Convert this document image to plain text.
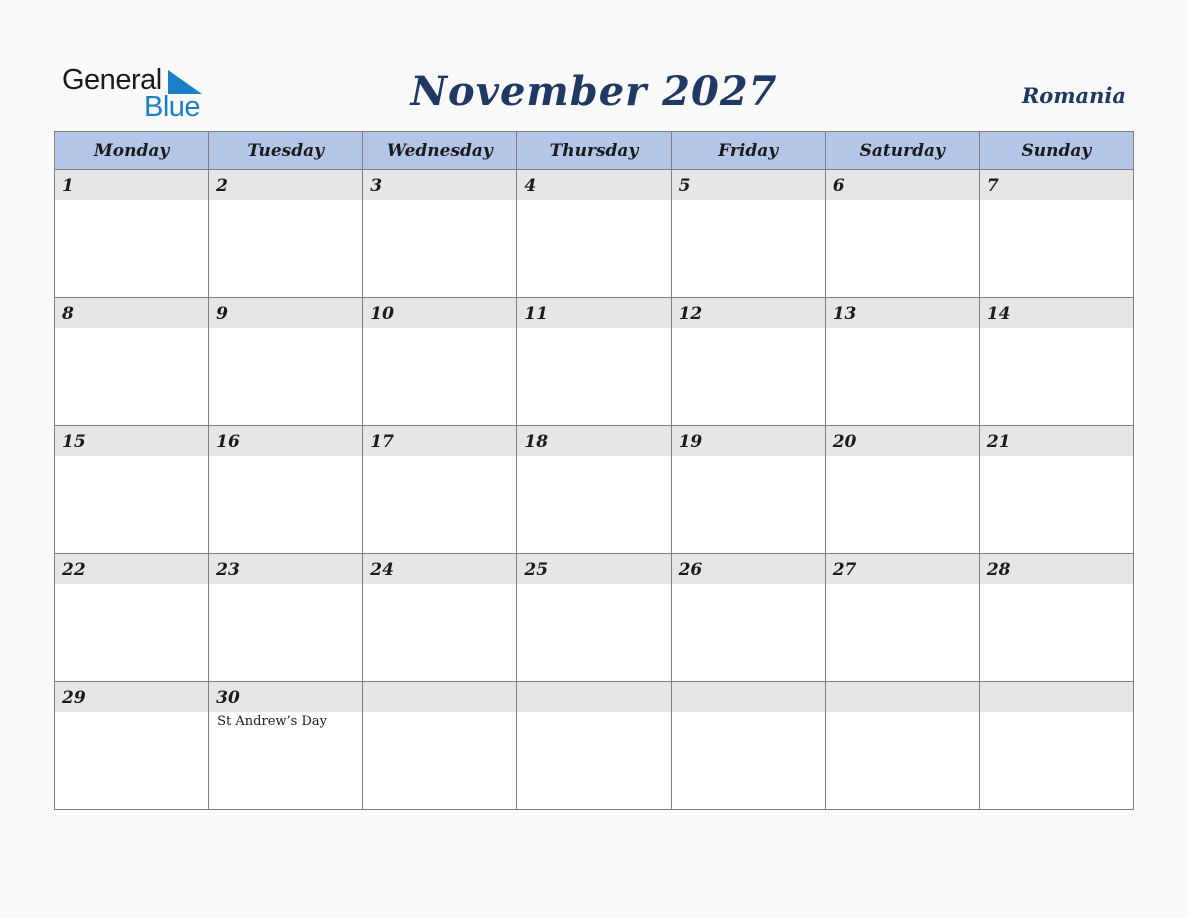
General
Blue	November 2027	Romania
Monday	Tuesday	Wednesday	Thursday	Friday	Saturday	Sunday

1	2	3	4	5	6	7

8	9	10	11	12	13	14

15	16	17	18	19	20	21

22	23	24	25	26	27	28

29	30
St Andrew’s Day					
